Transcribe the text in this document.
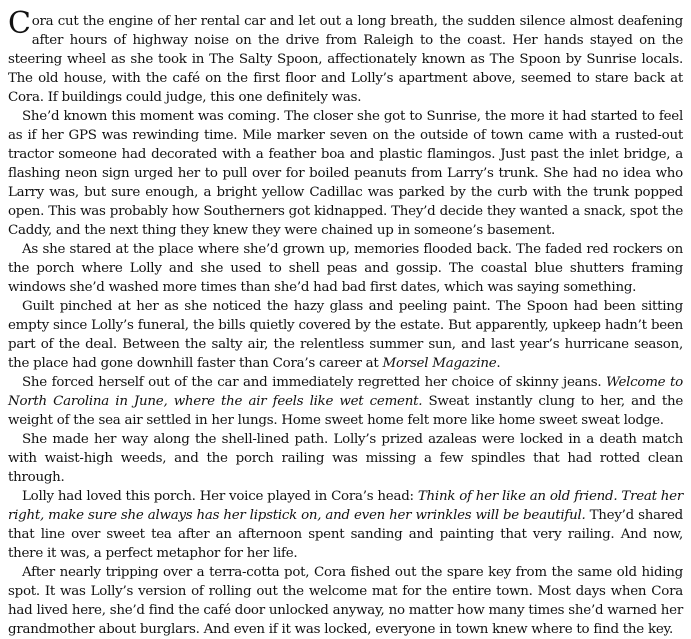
Cora cut the engine of her rental car and let out a long breath, the sudden silence almost deafening after hours of highway noise on the drive from Raleigh to the coast. Her hands stayed on the steering wheel as she took in The Salty Spoon, affectionately known as The Spoon by Sunrise locals. The old house, with the café on the first floor and Lolly’s apartment above, seemed to stare back at Cora. If buildings could judge, this one definitely was.

She’d known this moment was coming. The closer she got to Sunrise, the more it had started to feel as if her GPS was rewinding time. Mile marker seven on the outside of town came with a rusted-out tractor someone had decorated with a feather boa and plastic flamingos. Just past the inlet bridge, a flashing neon sign urged her to pull over for boiled peanuts from Larry’s trunk. She had no idea who Larry was, but sure enough, a bright yellow Cadillac was parked by the curb with the trunk popped open. This was probably how Southerners got kidnapped. They’d decide they wanted a snack, spot the Caddy, and the next thing they knew they were chained up in someone’s basement.

As she stared at the place where she’d grown up, memories flooded back. The faded red rockers on the porch where Lolly and she used to shell peas and gossip. The coastal blue shutters framing windows she’d washed more times than she’d had bad first dates, which was saying something.

Guilt pinched at her as she noticed the hazy glass and peeling paint. The Spoon had been sitting empty since Lolly’s funeral, the bills quietly covered by the estate. But apparently, upkeep hadn’t been part of the deal. Between the salty air, the relentless summer sun, and last year’s hurricane season, the place had gone downhill faster than Cora’s career at Morsel Magazine.

She forced herself out of the car and immediately regretted her choice of skinny jeans. Welcome to North Carolina in June, where the air feels like wet cement. Sweat instantly clung to her, and the weight of the sea air settled in her lungs. Home sweet home felt more like home sweet sweat lodge.

She made her way along the shell-lined path. Lolly’s prized azaleas were locked in a death match with waist-high weeds, and the porch railing was missing a few spindles that had rotted clean through.

Lolly had loved this porch. Her voice played in Cora’s head: Think of her like an old friend. Treat her right, make sure she always has her lipstick on, and even her wrinkles will be beautiful. They’d shared that line over sweet tea after an afternoon spent sanding and painting that very railing. And now, there it was, a perfect metaphor for her life.

After nearly tripping over a terra-cotta pot, Cora fished out the spare key from the same old hiding spot. It was Lolly’s version of rolling out the welcome mat for the entire town. Most days when Cora had lived here, she’d find the café door unlocked anyway, no matter how many times she’d warned her grandmother about burglars. And even if it was locked, everyone in town knew where to find the key.
